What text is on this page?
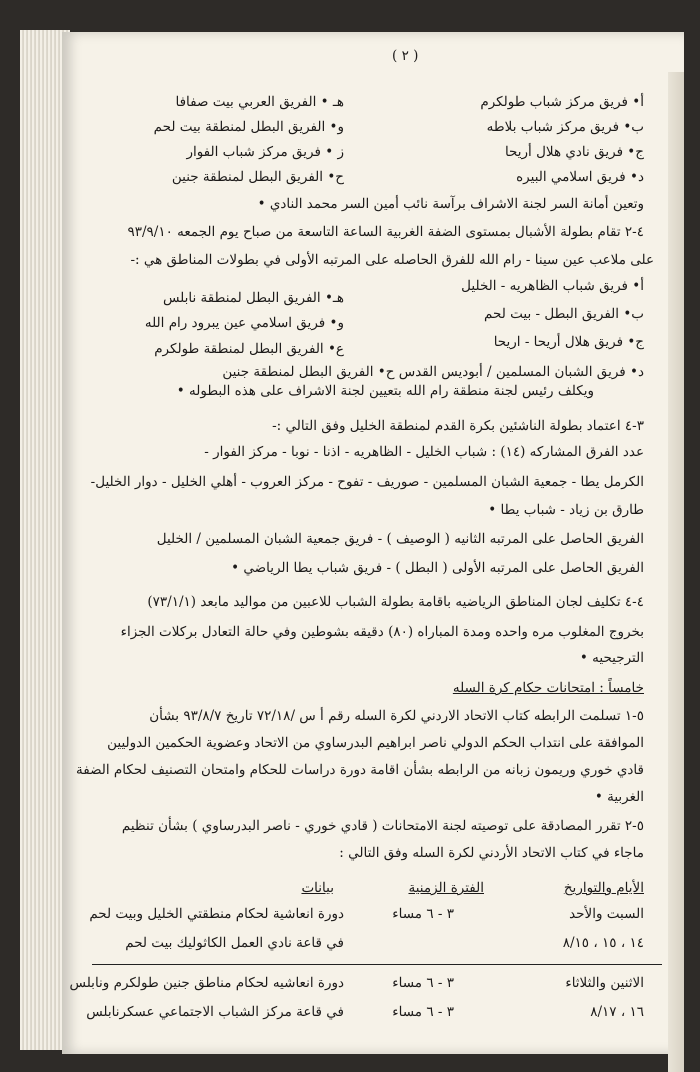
( ٢ )
أ• فريق مركز شباب طولكرم
ب• فريق مركز شباب بلاطه
ج• فريق نادي هلال أريحا
د• فريق اسلامي البيره
هـ • الفريق العربي بيت صفافا
و• الفريق البطل لمنطقة بيت لحم
ز • فريق مركز شباب الفوار
ح• الفريق البطل لمنطقة جنين
وتعين أمانة السر لجنة الاشراف برآسة نائب أمين السر محمد النادي •
٤-٢ تقام بطولة الأشبال بمستوى الضفة الغربية الساعة التاسعة من صباح يوم الجمعه ٩٣/٩/١٠
على ملاعب عين سينا - رام الله للفرق الحاصله على المرتبه الأولى في بطولات المناطق هي :-
أ• فريق شباب الظاهريه - الخليل
ب• الفريق البطل - بيت لحم
ج• فريق هلال أريحا - اريحا
هـ• الفريق البطل لمنطقة نابلس
و• فريق اسلامي عين يبرود رام الله
ع• الفريق البطل لمنطقة طولكرم
د• فريق الشبان المسلمين / أبوديس القدس ح• الفريق البطل لمنطقة جنين
ويكلف رئيس لجنة منطقة رام الله بتعيين لجنة الاشراف على هذه البطوله •
٣-٤ اعتماد بطولة الناشئين بكرة القدم لمنطقة الخليل وفق التالي :-
عدد الفرق المشاركه (١٤) : شباب الخليل - الظاهريه - اذنا - نوبا - مركز الفوار -
الكرمل يطا - جمعية الشبان المسلمين - صوريف - تفوح - مركز العروب - أهلي الخليل - دوار الخليل-
طارق بن زياد - شباب يطا •
الفريق الحاصل على المرتبه الثانيه ( الوصيف ) - فريق جمعية الشبان المسلمين / الخليل
الفريق الحاصل على المرتبه الأولى ( البطل ) - فريق شباب يطا الرياضي •
٤-٤ تكليف لجان المناطق الرياضيه باقامة بطولة الشباب للاعبين من مواليد مابعد (٧٣/١/١)
بخروج المغلوب مره واحده ومدة المباراه (٨٠) دقيقه بشوطين وفي حالة التعادل بركلات الجزاء
الترجيحيه •
خامساً : امتحانات حكام كرة السله
٥-١ تسلمت الرابطه كتاب الاتحاد الاردني لكرة السله رقم أ س /٧٢/١٨ تاريخ ٩٣/٨/٧ بشأن
الموافقة على انتداب الحكم الدولي ناصر ابراهيم البدرساوي من الاتحاد وعضوية الحكمين الدوليين
قادي خوري وريمون زبانه من الرابطه بشأن اقامة دورة دراسات للحكام وامتحان التصنيف لحكام الضفة
الغربية •
٥-٢ تقرر المصادقة على توصيته لجنة الامتحانات ( قادي خوري - ناصر البدرساوي ) بشأن تنظيم
ماجاء في كتاب الاتحاد الأردني لكرة السله وفق التالي :
الأيام والتواريخ
الفترة الزمنية
بيانات
السبت والأحد
١٤ ، ١٥ ، ٨/١٥
٣ - ٦ مساء
دورة انعاشية لحكام منطقتي الخليل وبيت لحم
في قاعة نادي العمل الكاثوليك بيت لحم
الاثنين والثلاثاء
١٦ ، ٨/١٧
٣ - ٦ مساء
٣ - ٦ مساء
دورة انعاشيه لحكام مناطق جنين طولكرم ونابلس
في قاعة مركز الشباب الاجتماعي عسكرنابلس
